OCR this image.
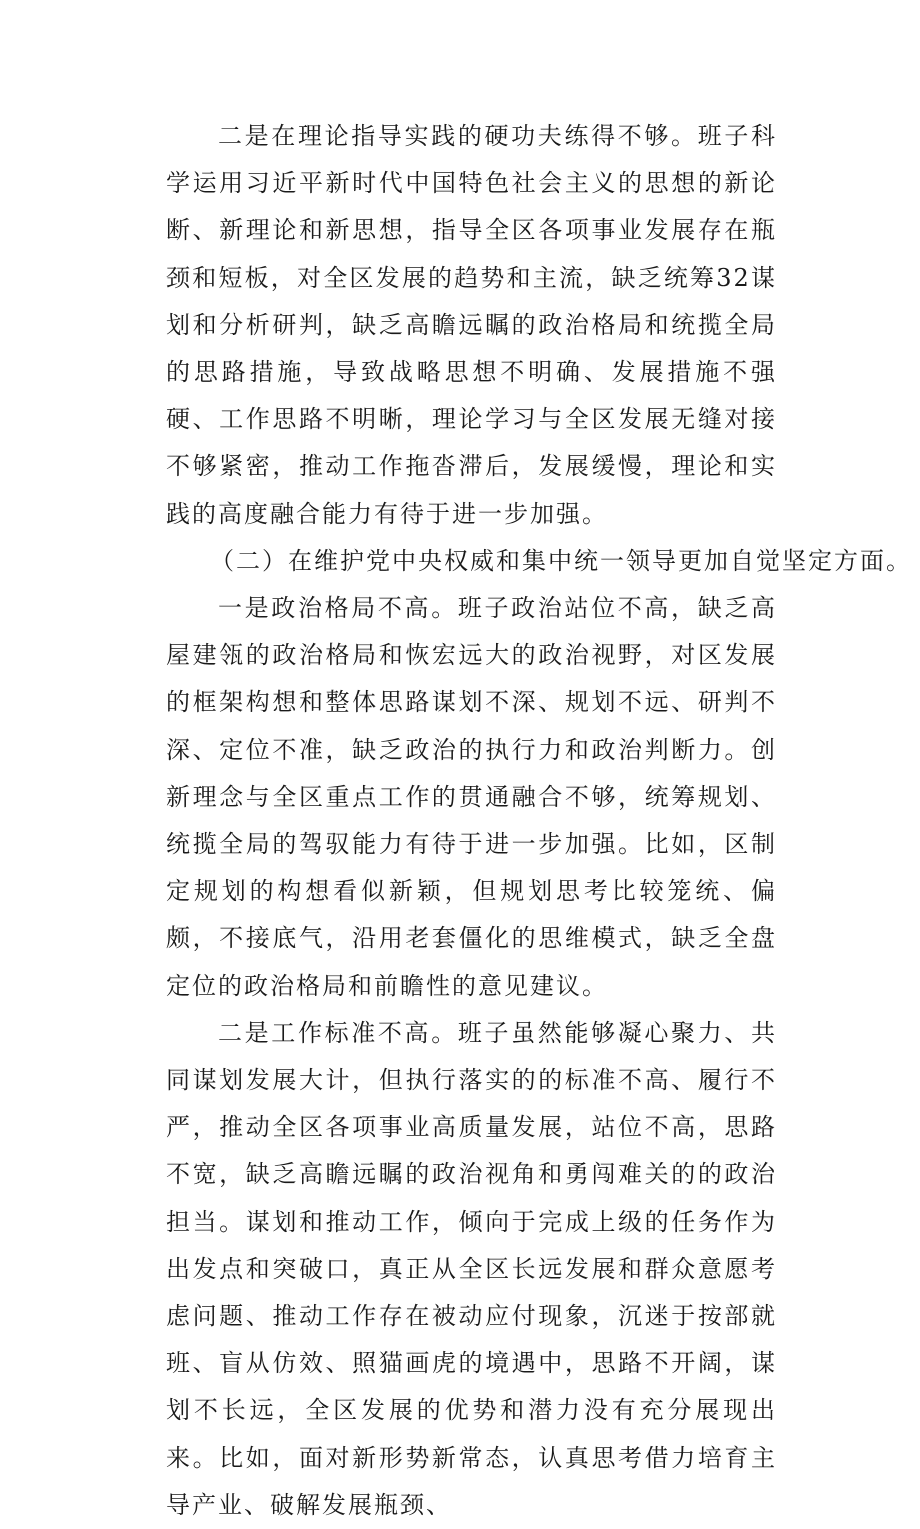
二是在理论指导实践的硬功夫练得不够。班子科学运用习近平新时代中国特色社会主义的思想的新论断、新理论和新思想，指导全区各项事业发展存在瓶颈和短板，对全区发展的趋势和主流，缺乏统筹32谋划和分析研判，缺乏高瞻远瞩的政治格局和统揽全局的思路措施，导致战略思想不明确、发展措施不强硬、工作思路不明晰，理论学习与全区发展无缝对接不够紧密，推动工作拖沓滞后，发展缓慢，理论和实践的高度融合能力有待于进一步加强。

（二）在维护党中央权威和集中统一领导更加自觉坚定方面。

一是政治格局不高。班子政治站位不高，缺乏高屋建瓴的政治格局和恢宏远大的政治视野，对区发展的框架构想和整体思路谋划不深、规划不远、研判不深、定位不准，缺乏政治的执行力和政治判断力。创新理念与全区重点工作的贯通融合不够，统筹规划、统揽全局的驾驭能力有待于进一步加强。比如，区制定规划的构想看似新颖，但规划思考比较笼统、偏颇，不接底气，沿用老套僵化的思维模式，缺乏全盘定位的政治格局和前瞻性的意见建议。

二是工作标准不高。班子虽然能够凝心聚力、共同谋划发展大计，但执行落实的的标准不高、履行不严，推动全区各项事业高质量发展，站位不高，思路不宽，缺乏高瞻远瞩的政治视角和勇闯难关的的政治担当。谋划和推动工作，倾向于完成上级的任务作为出发点和突破口，真正从全区长远发展和群众意愿考虑问题、推动工作存在被动应付现象，沉迷于按部就班、盲从仿效、照猫画虎的境遇中，思路不开阔，谋划不长远，全区发展的优势和潜力没有充分展现出来。比如，面对新形势新常态，认真思考借力培育主导产业、破解发展瓶颈、
